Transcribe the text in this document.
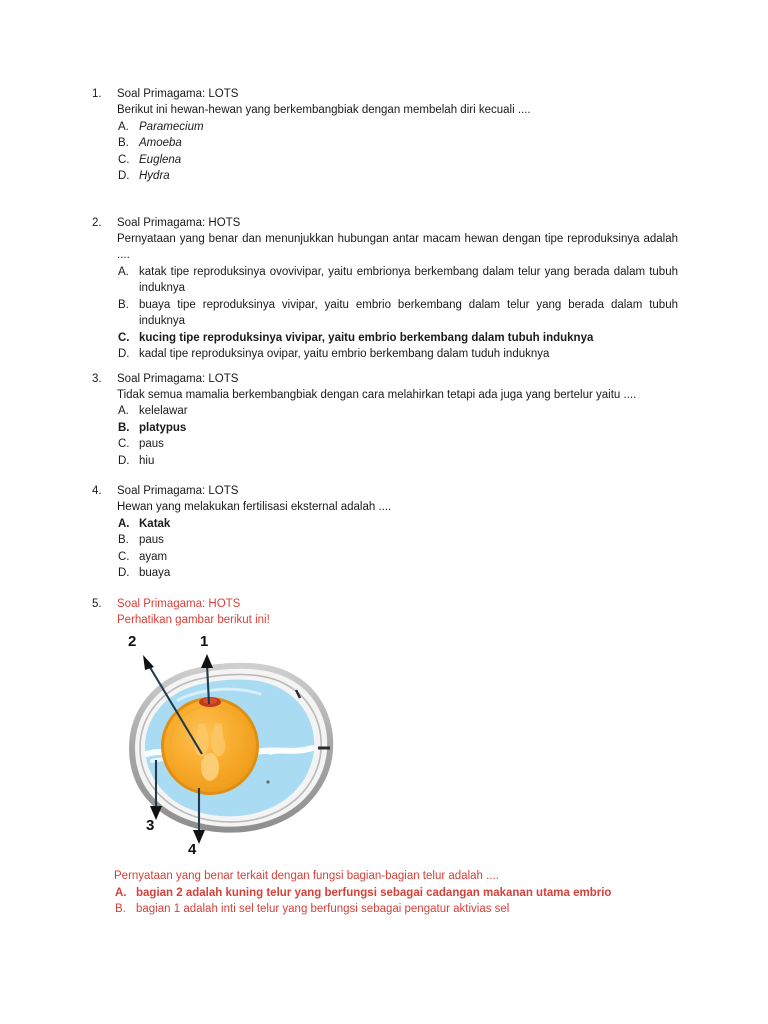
1.	Soal Primagama: LOTS
Berikut ini hewan-hewan yang berkembangbiak dengan membelah diri kecuali ....
A. Paramecium
B. Amoeba
C. Euglena
D. Hydra
2.	Soal Primagama: HOTS
Pernyataan yang benar dan menunjukkan hubungan antar macam hewan dengan tipe reproduksinya adalah ....
A. katak tipe reproduksinya ovovivipar, yaitu embrionya berkembang dalam telur yang berada dalam tubuh induknya
B. buaya tipe reproduksinya vivipar, yaitu embrio berkembang dalam telur yang berada dalam tubuh induknya
C. kucing tipe reproduksinya vivipar, yaitu embrio berkembang dalam tubuh induknya
D. kadal tipe reproduksinya ovipar, yaitu embrio berkembang dalam tuduh induknya
3.	Soal Primagama: LOTS
Tidak semua mamalia berkembangbiak dengan cara melahirkan tetapi ada juga yang bertelur yaitu ....
A. kelelawar
B. platypus
C. paus
D. hiu
4.	Soal Primagama: LOTS
Hewan yang melakukan fertilisasi eksternal adalah ....
A. Katak
B. paus
C. ayam
D. buaya
5.	Soal Primagama: HOTS
Perhatikan gambar berikut ini!
2	1
3
4
Pernyataan yang benar terkait dengan fungsi bagian-bagian telur adalah ....
A. bagian 2 adalah kuning telur yang berfungsi sebagai cadangan makanan utama embrio
B. bagian 1 adalah inti sel telur yang berfungsi sebagai pengatur aktivias sel
